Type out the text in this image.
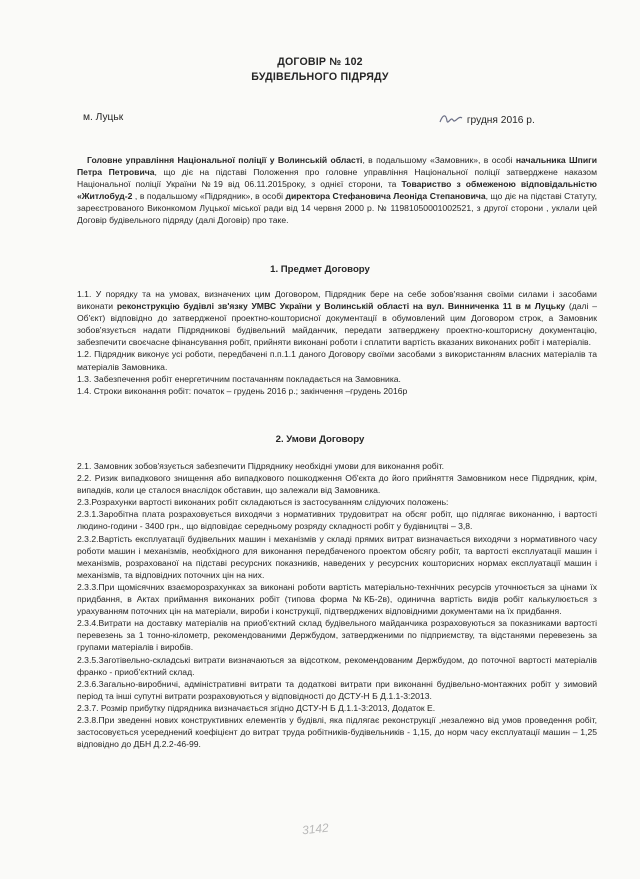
ДОГОВІР № 102
БУДІВЕЛЬНОГО ПІДРЯДУ
м. Луцьк	грудня 2016 р.

Головне управління Національної поліції у Волинській області, в подальшому «Замовник», в особі начальника Шпиги Петра Петровича, що діє на підставі Положення про головне управління Національної поліції затверджене наказом Національної поліції України №19 від 06.11.2015року, з однієї сторони, та Товариство з обмеженою відповідальністю «Житлобуд-2 , в подальшому «Підрядник», в особі директора Стефановича Леоніда Степановича, що діє на підставі Статуту, зареєстрованого Виконкомом Луцької міської ради від 14 червня 2000 р. № 11981050001002521, з другої сторони , уклали цей Договір будівельного підряду (далі Договір) про таке.

1. Предмет Договору

1.1. У порядку та на умовах, визначених цим Договором, Підрядник бере на себе зобов'язання своїми силами і засобами виконати реконструкцію будівлі зв'язку УМВС України у Волинській області на вул. Винниченка 11 в м Луцьку (далі – Об'єкт) відповідно до затвердженої проектно-кошторисної документації в обумовлений цим Договором строк, а Замовник зобов'язується надати Підрядникові будівельний майданчик, передати затверджену проектно-кошторисну документацію, забезпечити своєчасне фінансування робіт, прийняти виконані роботи і сплатити вартість вказаних виконаних робіт і матеріалів.

1.2. Підрядник виконує усі роботи, передбачені п.п.1.1 даного Договору своїми засобами з використанням власних матеріалів та матеріалів Замовника.

1.3. Забезпечення робіт енергетичним постачанням покладається на Замовника.

1.4. Строки виконання робіт: початок – грудень 2016 р.; закінчення –грудень 2016р

2. Умови Договору

2.1. Замовник зобов'язується забезпечити Підряднику необхідні умови для виконання робіт.

2.2. Ризик випадкового знищення або випадкового пошкодження Об'єкта до його прийняття Замовником несе Підрядник, крім, випадків, коли це сталося внаслідок обставин, що залежали від Замовника.

2.3.Розрахунки вартості виконаних робіт складаються із застосуванням слідуючих положень:

2.3.1.Заробітна плата розраховується виходячи з нормативних трудовитрат на обсяг робіт, що підлягає виконанню, і вартості людино-години - 3400 грн., що відповідає середньому розряду складності робіт у будівництві – 3,8.

2.3.2.Вартість експлуатації будівельних машин і механізмів у складі прямих витрат визначається виходячи з нормативного часу роботи машин і механізмів, необхідного для виконання передбаченого проектом обсягу робіт, та вартості експлуатації машин і механізмів, розрахованої на підставі ресурсних показників, наведених у ресурсних кошторисних нормах експлуатації машин і механізмів, та відповідних поточних цін на них.

2.3.3.При щомісячних взаєморозрахунках за виконані роботи вартість матеріально-технічних ресурсів уточнюється за цінами їх придбання, в Актах приймання виконаних робіт (типова форма №КБ-2в), одинична вартість видів робіт калькулюється з урахуванням поточних цін на матеріали, вироби і конструкції, підтверджених відповідними документами на їх придбання.

2.3.4.Витрати на доставку матеріалів на приоб'єктний склад будівельного майданчика розраховуються за показниками вартості перевезень за 1 тонно-кілометр, рекомендованими Держбудом, затвердженими по підприємству, та відстанями перевезень за групами матеріалів і виробів.

2.3.5.Заготівельно-складські витрати визначаються за відсотком, рекомендованим Держбудом, до поточної вартості матеріалів франко - приоб'єктний склад.

2.3.6.Загально-виробничі, адміністративні витрати та додаткові витрати при виконанні будівельно-монтажних робіт у зимовий період та інші супутні витрати розраховуються у відповідності до ДСТУ-Н Б Д.1.1-3:2013.

2.3.7. Розмір прибутку підрядника визначається згідно ДСТУ-Н Б Д.1.1-3:2013, Додаток Е.

2.3.8.При зведенні нових конструктивних елементів у будівлі, яка підлягає реконструкції ,незалежно від умов проведення робіт, застосовується усереднений коефіцієнт до витрат труда робітників-будівельників - 1,15, до норм часу експлуатації машин – 1,25 відповідно до ДБН Д.2.2-46-99.

3142
